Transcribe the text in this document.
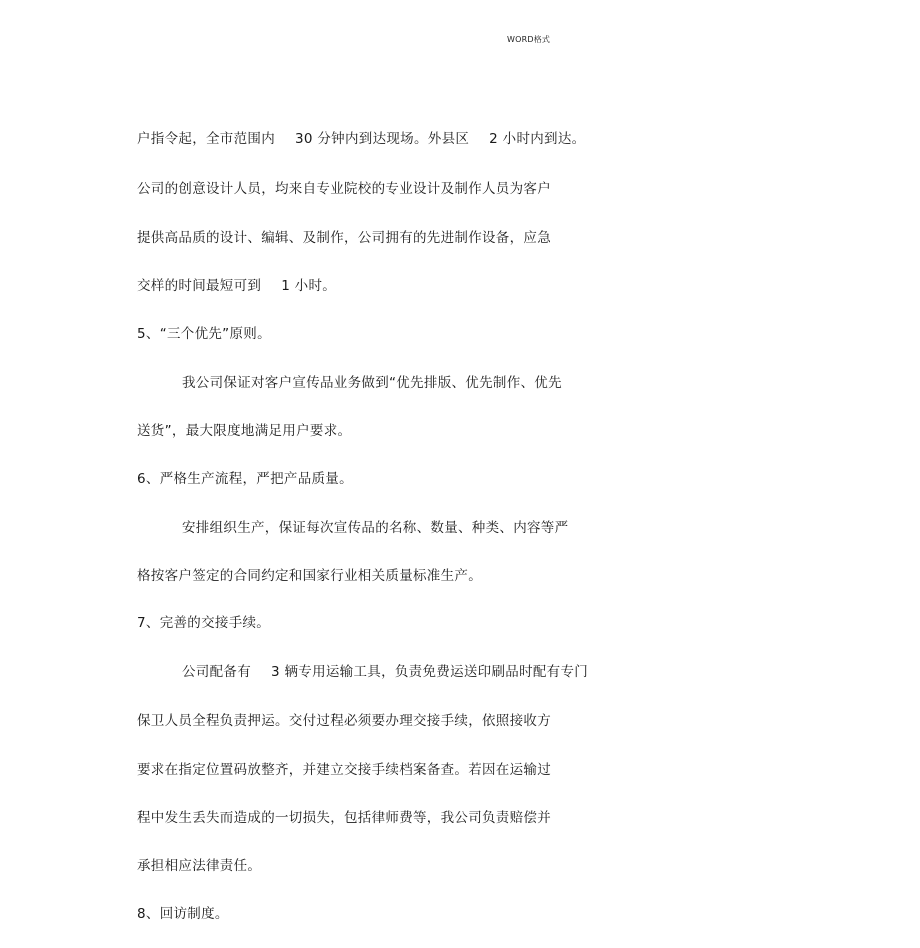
WORD格式
户指令起，全市范围内 30 分钟内到达现场。外县区 2 小时内到达。
公司的创意设计人员，均来自专业院校的专业设计及制作人员为客户
提供高品质的设计、编辑、及制作，公司拥有的先进制作设备，应急
交样的时间最短可到 1 小时。
5、“三个优先”原则。
我公司保证对客户宣传品业务做到“优先排版、优先制作、优先
送货”，最大限度地满足用户要求。
6、严格生产流程，严把产品质量。
安排组织生产，保证每次宣传品的名称、数量、种类、内容等严
格按客户签定的合同约定和国家行业相关质量标准生产。
7、完善的交接手续。
公司配备有 3 辆专用运输工具，负责免费运送印刷品时配有专门
保卫人员全程负责押运。交付过程必须要办理交接手续，依照接收方
要求在指定位置码放整齐，并建立交接手续档案备查。若因在运输过
程中发生丢失而造成的一切损失，包括律师费等，我公司负责赔偿并
承担相应法律责任。
8、回访制度。
